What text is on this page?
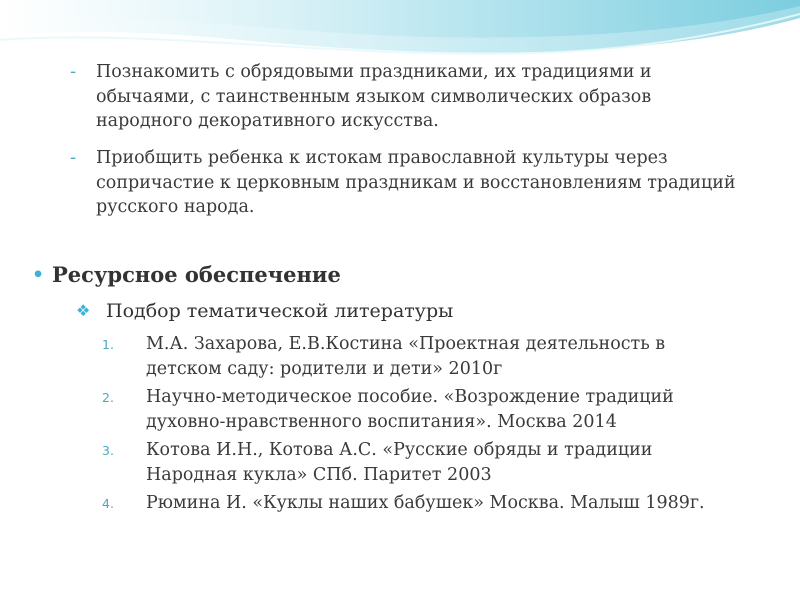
- Познакомить с обрядовыми праздниками, их традициями и обычаями, с таинственным языком символических образов народного декоративного искусства.
- Приобщить ребенка к истокам православной культуры через сопричастие к церковным праздникам и восстановлениям традиций русского народа.
• Ресурсное обеспечение
❖ Подбор тематической литературы
1. М.А. Захарова, Е.В.Костина «Проектная деятельность в детском саду: родители и дети» 2010г
2. Научно-методическое пособие. «Возрождение традиций духовно-нравственного воспитания». Москва 2014
3. Котова И.Н., Котова А.С. «Русские обряды и традиции Народная кукла» СПб. Паритет 2003
4. Рюмина И. «Куклы наших бабушек» Москва. Малыш 1989г.
